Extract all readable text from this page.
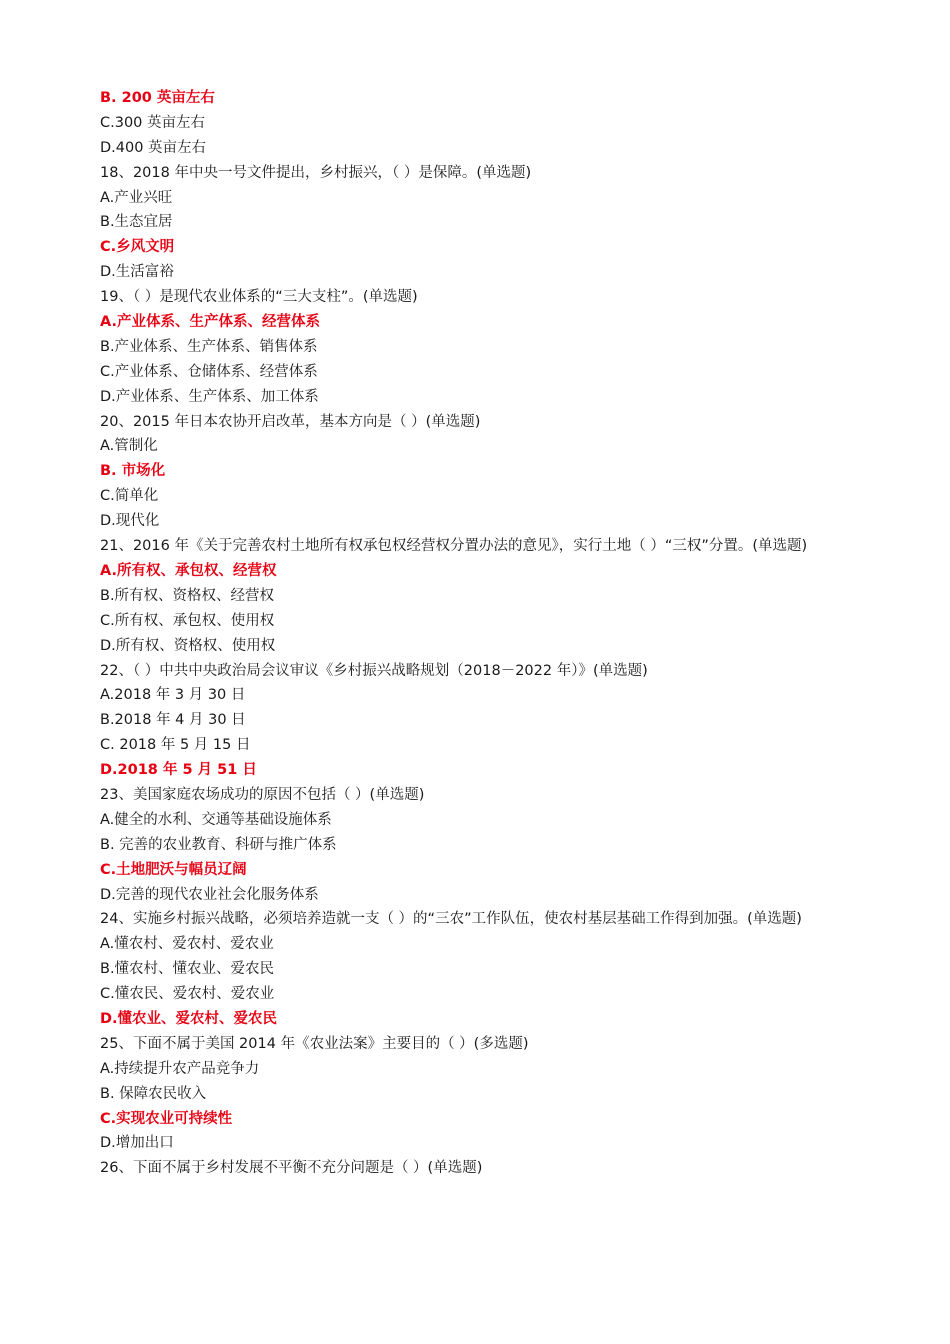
B. 200 英亩左右
C.300 英亩左右
D.400 英亩左右
18、2018 年中央一号文件提出，乡村振兴，（ ）是保障。(单选题)
A.产业兴旺
B.生态宜居
C.乡风文明
D.生活富裕
19、（ ）是现代农业体系的“三大支柱”。(单选题)
A.产业体系、生产体系、经营体系
B.产业体系、生产体系、销售体系
C.产业体系、仓储体系、经营体系
D.产业体系、生产体系、加工体系
20、2015 年日本农协开启改革，基本方向是（ ）(单选题)
A.管制化
B. 市场化
C.简单化
D.现代化
21、2016 年《关于完善农村土地所有权承包权经营权分置办法的意见》，实行土地（ ）“三权”分置。(单选题)
A.所有权、承包权、经营权
B.所有权、资格权、经营权
C.所有权、承包权、使用权
D.所有权、资格权、使用权
22、（ ）中共中央政治局会议审议《乡村振兴战略规划（2018－2022 年）》(单选题)
A.2018 年 3 月 30 日
B.2018 年 4 月 30 日
C. 2018 年 5 月 15 日
D.2018 年 5 月 51 日
23、美国家庭农场成功的原因不包括（ ）(单选题)
A.健全的水利、交通等基础设施体系
B. 完善的农业教育、科研与推广体系
C.土地肥沃与幅员辽阔
D.完善的现代农业社会化服务体系
24、实施乡村振兴战略，必须培养造就一支（ ）的“三农”工作队伍，使农村基层基础工作得到加强。(单选题)
A.懂农村、爱农村、爱农业
B.懂农村、懂农业、爱农民
C.懂农民、爱农村、爱农业
D.懂农业、爱农村、爱农民
25、下面不属于美国 2014 年《农业法案》主要目的（ ）(多选题)
A.持续提升农产品竞争力
B. 保障农民收入
C.实现农业可持续性
D.增加出口
26、下面不属于乡村发展不平衡不充分问题是（ ）(单选题)
